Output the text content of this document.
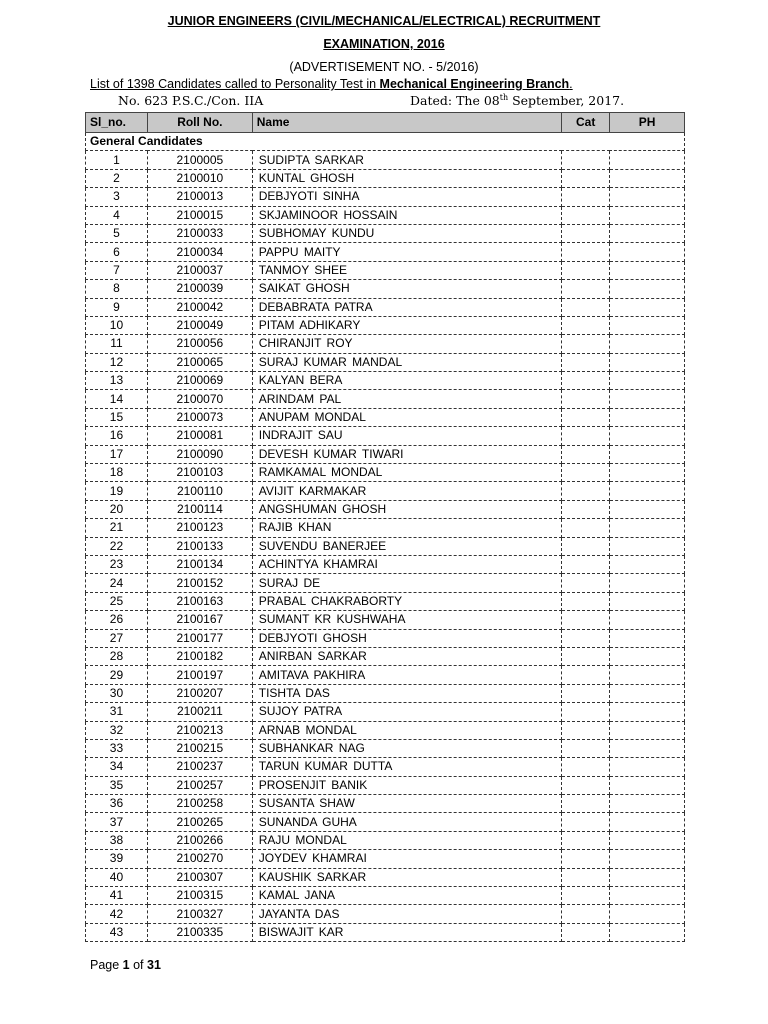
JUNIOR ENGINEERS (CIVIL/MECHANICAL/ELECTRICAL) RECRUITMENT
EXAMINATION, 2016
(ADVERTISEMENT NO. - 5/2016)
List of 1398 Candidates called to Personality Test in Mechanical Engineering Branch.
No. 623 P.S.C./Con. IIA	Dated: The 08th September, 2017.
Sl_no.	Roll No.	Name	Cat	PH
General Candidates				
1	2100005	SUDIPTA SARKAR		
2	2100010	KUNTAL GHOSH		
3	2100013	DEBJYOTI SINHA		
4	2100015	SKJAMINOOR HOSSAIN		
5	2100033	SUBHOMAY KUNDU		
6	2100034	PAPPU MAITY		
7	2100037	TANMOY SHEE		
8	2100039	SAIKAT GHOSH		
9	2100042	DEBABRATA PATRA		
10	2100049	PITAM ADHIKARY		
11	2100056	CHIRANJIT ROY		
12	2100065	SURAJ KUMAR MANDAL		
13	2100069	KALYAN BERA		
14	2100070	ARINDAM PAL		
15	2100073	ANUPAM MONDAL		
16	2100081	INDRAJIT SAU		
17	2100090	DEVESH KUMAR TIWARI		
18	2100103	RAMKAMAL MONDAL		
19	2100110	AVIJIT KARMAKAR		
20	2100114	ANGSHUMAN GHOSH		
21	2100123	RAJIB KHAN		
22	2100133	SUVENDU BANERJEE		
23	2100134	ACHINTYA KHAMRAI		
24	2100152	SURAJ DE		
25	2100163	PRABAL CHAKRABORTY		
26	2100167	SUMANT KR KUSHWAHA		
27	2100177	DEBJYOTI GHOSH		
28	2100182	ANIRBAN SARKAR		
29	2100197	AMITAVA PAKHIRA		
30	2100207	TISHTA DAS		
31	2100211	SUJOY PATRA		
32	2100213	ARNAB MONDAL		
33	2100215	SUBHANKAR NAG		
34	2100237	TARUN KUMAR DUTTA		
35	2100257	PROSENJIT BANIK		
36	2100258	SUSANTA SHAW		
37	2100265	SUNANDA GUHA		
38	2100266	RAJU MONDAL		
39	2100270	JOYDEV KHAMRAI		
40	2100307	KAUSHIK SARKAR		
41	2100315	KAMAL JANA		
42	2100327	JAYANTA DAS		
43	2100335	BISWAJIT KAR		
Page 1 of 31
